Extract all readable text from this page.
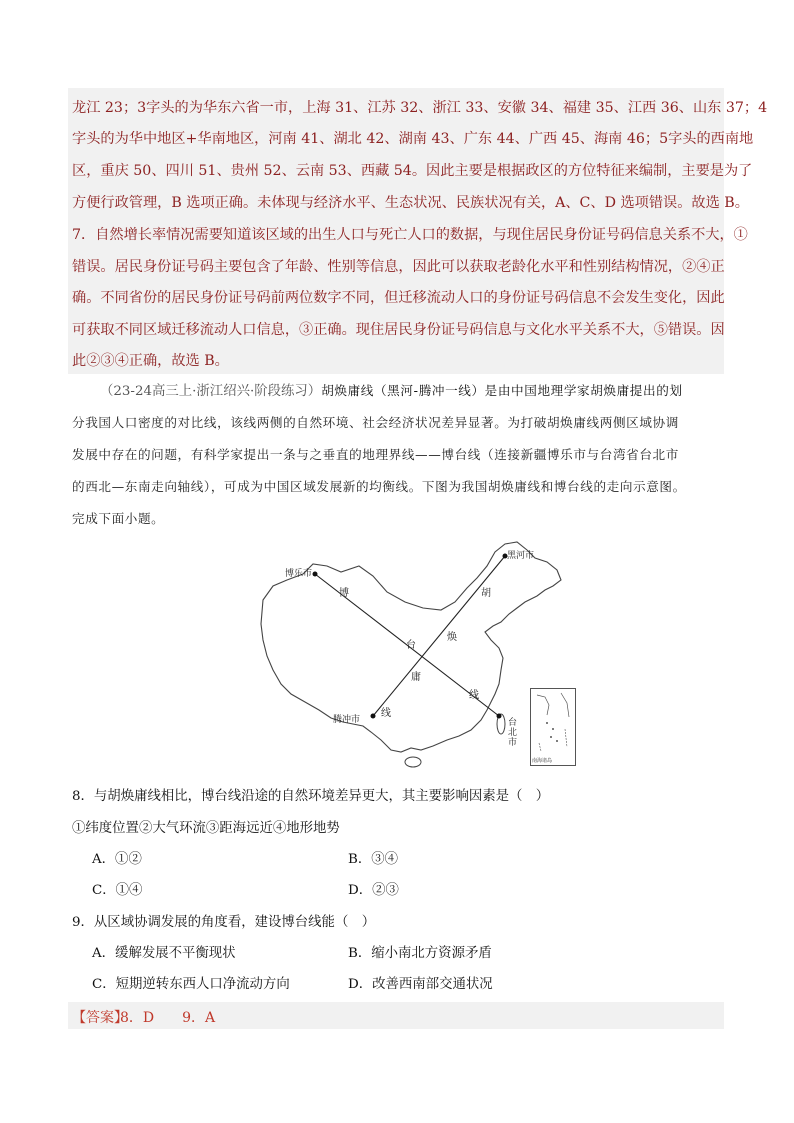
龙江 23；3字头的为华东六省一市，上海 31、江苏 32、浙江 33、安徽 34、福建 35、江西 36、山东 37；4
字头的为华中地区+华南地区，河南 41、湖北 42、湖南 43、广东 44、广西 45、海南 46；5字头的西南地
区，重庆 50、四川 51、贵州 52、云南 53、西藏 54。因此主要是根据政区的方位特征来编制，主要是为了
方便行政管理，B 选项正确。未体现与经济水平、生态状况、民族状况有关，A、C、D 选项错误。故选 B。
7．自然增长率情况需要知道该区域的出生人口与死亡人口的数据，与现住居民身份证号码信息关系不大，①
错误。居民身份证号码主要包含了年龄、性别等信息，因此可以获取老龄化水平和性别结构情况，②④正
确。不同省份的居民身份证号码前两位数字不同，但迁移流动人口的身份证号码信息不会发生变化，因此
可获取不同区域迁移流动人口信息，③正确。现住居民身份证号码信息与文化水平关系不大，⑤错误。因
此②③④正确，故选 B。
（23-24高三上·浙江绍兴·阶段练习）胡焕庸线（黑河-腾冲一线）是由中国地理学家胡焕庸提出的划
分我国人口密度的对比线，该线两侧的自然环境、社会经济状况差异显著。为打破胡焕庸线两侧区域协调
发展中存在的问题，有科学家提出一条与之垂直的地理界线——博台线（连接新疆博乐市与台湾省台北市
的西北—东南走向轴线），可成为中国区域发展新的均衡线。下图为我国胡焕庸线和博台线的走向示意图。
完成下面小题。
博乐市
黑河市
腾冲市	台北市
博
台
线
胡
焕
庸
线
南海诸岛
8．与胡焕庸线相比，博台线沿途的自然环境差异更大，其主要影响因素是（　）
①纬度位置②大气环流③距海远近④地形地势
A．①②	B．③④
C．①④	D．②③
9．从区域协调发展的角度看，建设博台线能（　）
A．缓解发展不平衡现状	B．缩小南北方资源矛盾
C．短期逆转东西人口净流动方向	D．改善西南部交通状况
【答案】
8．D　　9．A
